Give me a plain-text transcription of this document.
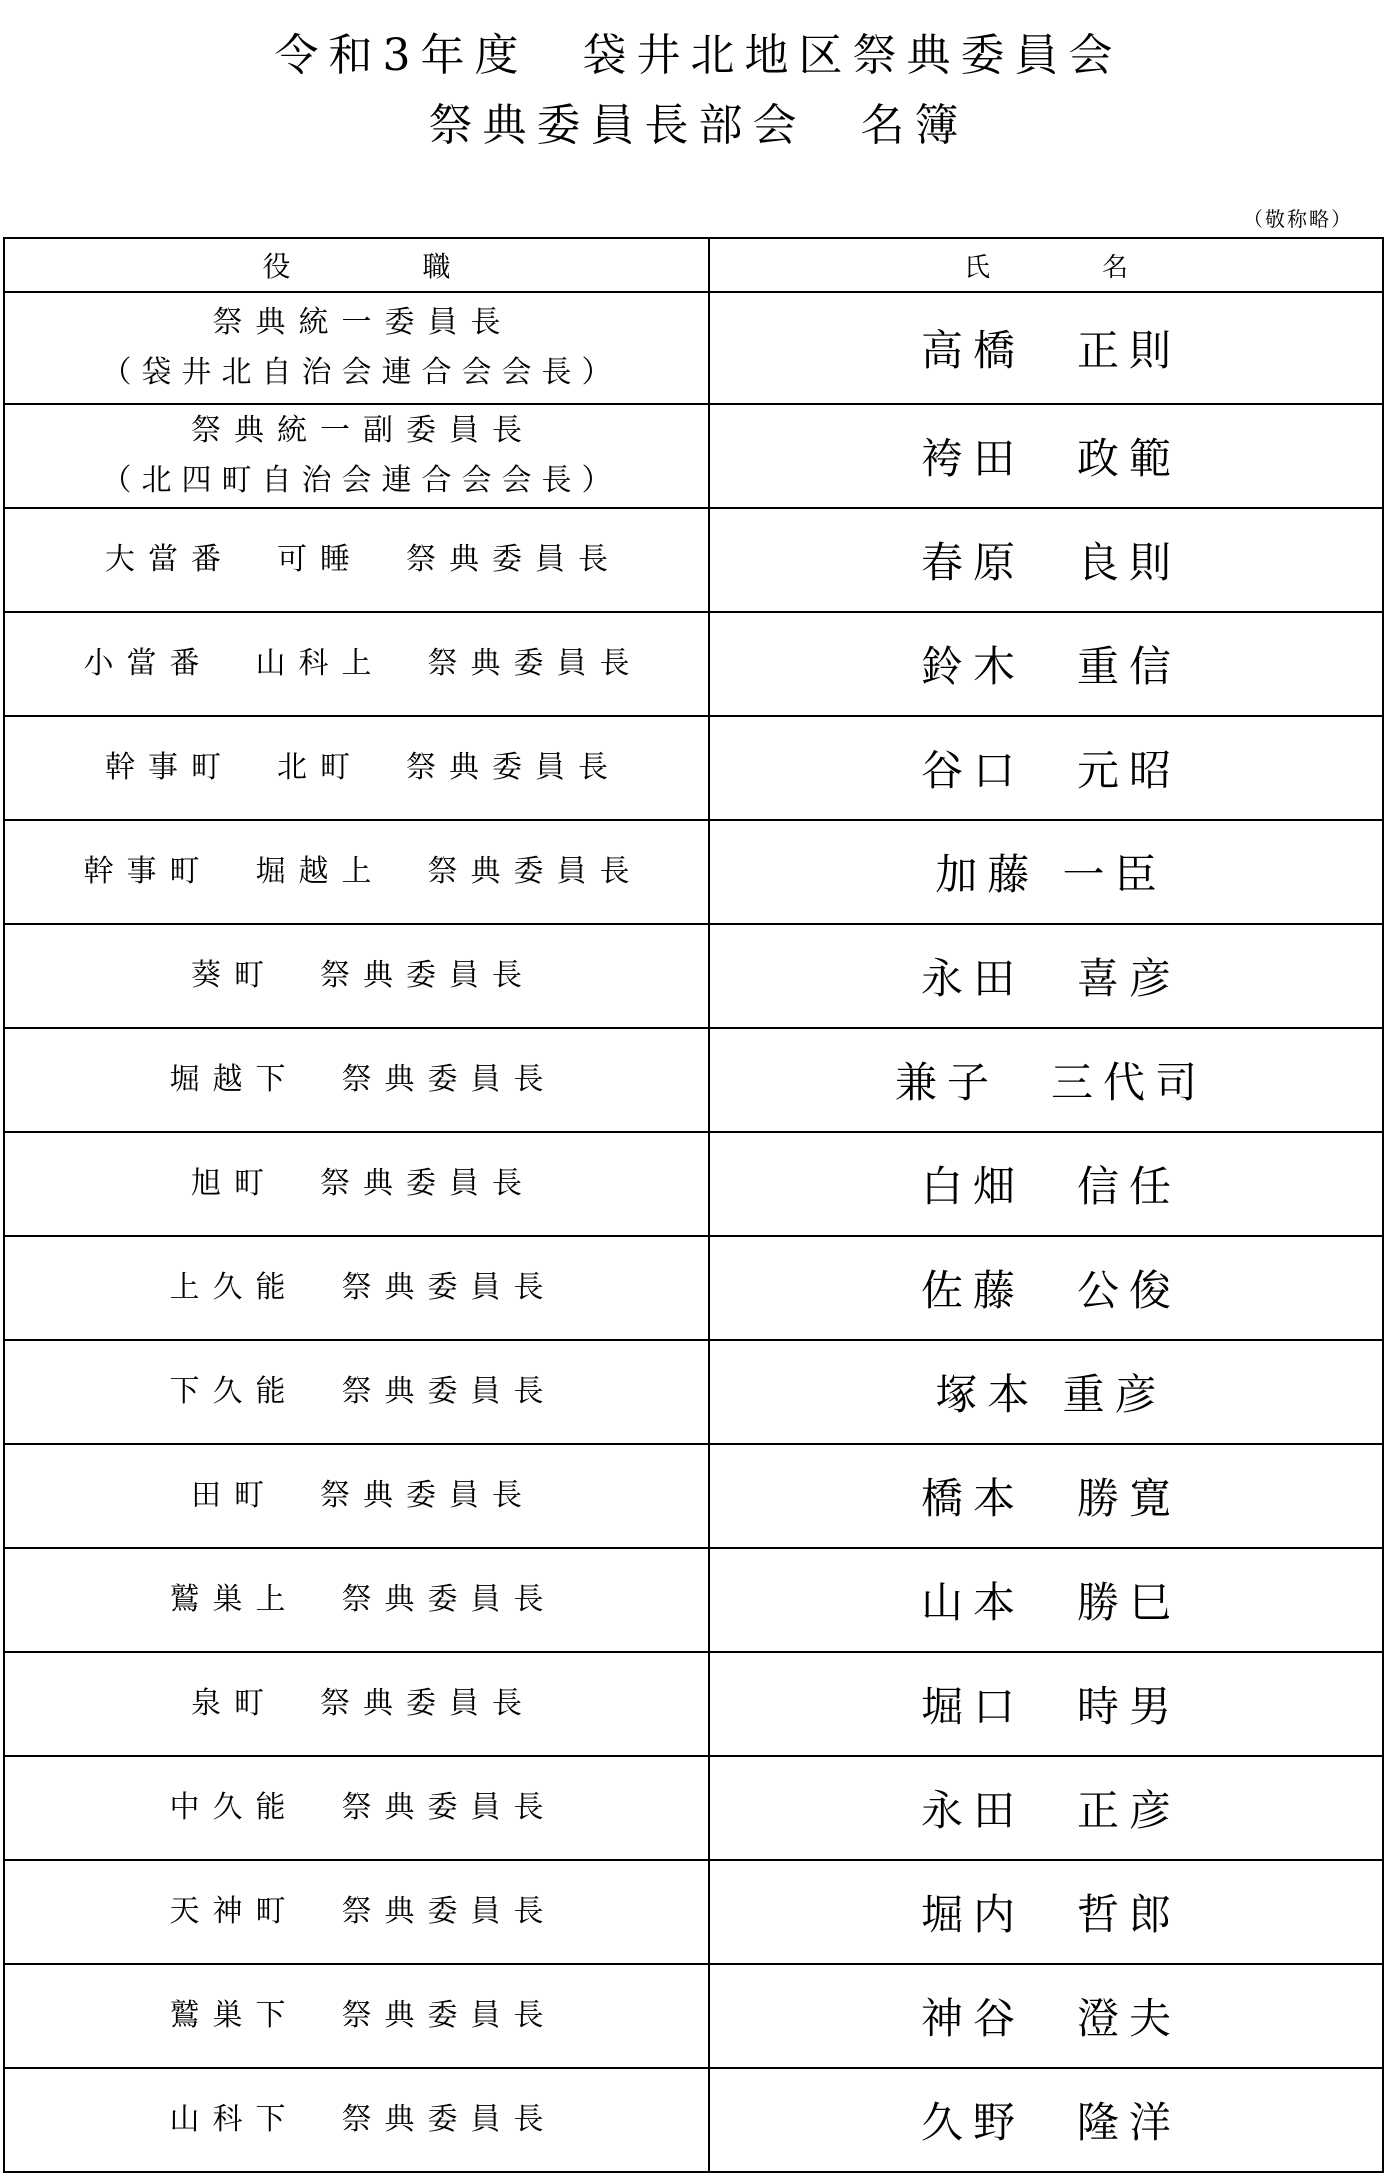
令和3年度　袋井北地区祭典委員会
祭典委員長部会　名簿
（敬称略）
役　　　職	氏　　名
祭典統一委員長
（袋井北自治会連合会会長）	高橋　正則
祭典統一副委員長
（北四町自治会連合会会長）	袴田　政範
大當番　可睡　祭典委員長	春原　良則
小當番　山科上　祭典委員長	鈴木　重信
幹事町　北町　祭典委員長	谷口　元昭
幹事町　堀越上　祭典委員長	加藤 一臣
葵町　祭典委員長	永田　喜彦
堀越下　祭典委員長	兼子　三代司
旭町　祭典委員長	白畑　信任
上久能　祭典委員長	佐藤　公俊
下久能　祭典委員長	塚本 重彦
田町　祭典委員長	橋本　勝寛
鷲巣上　祭典委員長	山本　勝巳
泉町　祭典委員長	堀口　時男
中久能　祭典委員長	永田　正彦
天神町　祭典委員長	堀内　哲郎
鷲巣下　祭典委員長	神谷　澄夫
山科下　祭典委員長	久野　隆洋
